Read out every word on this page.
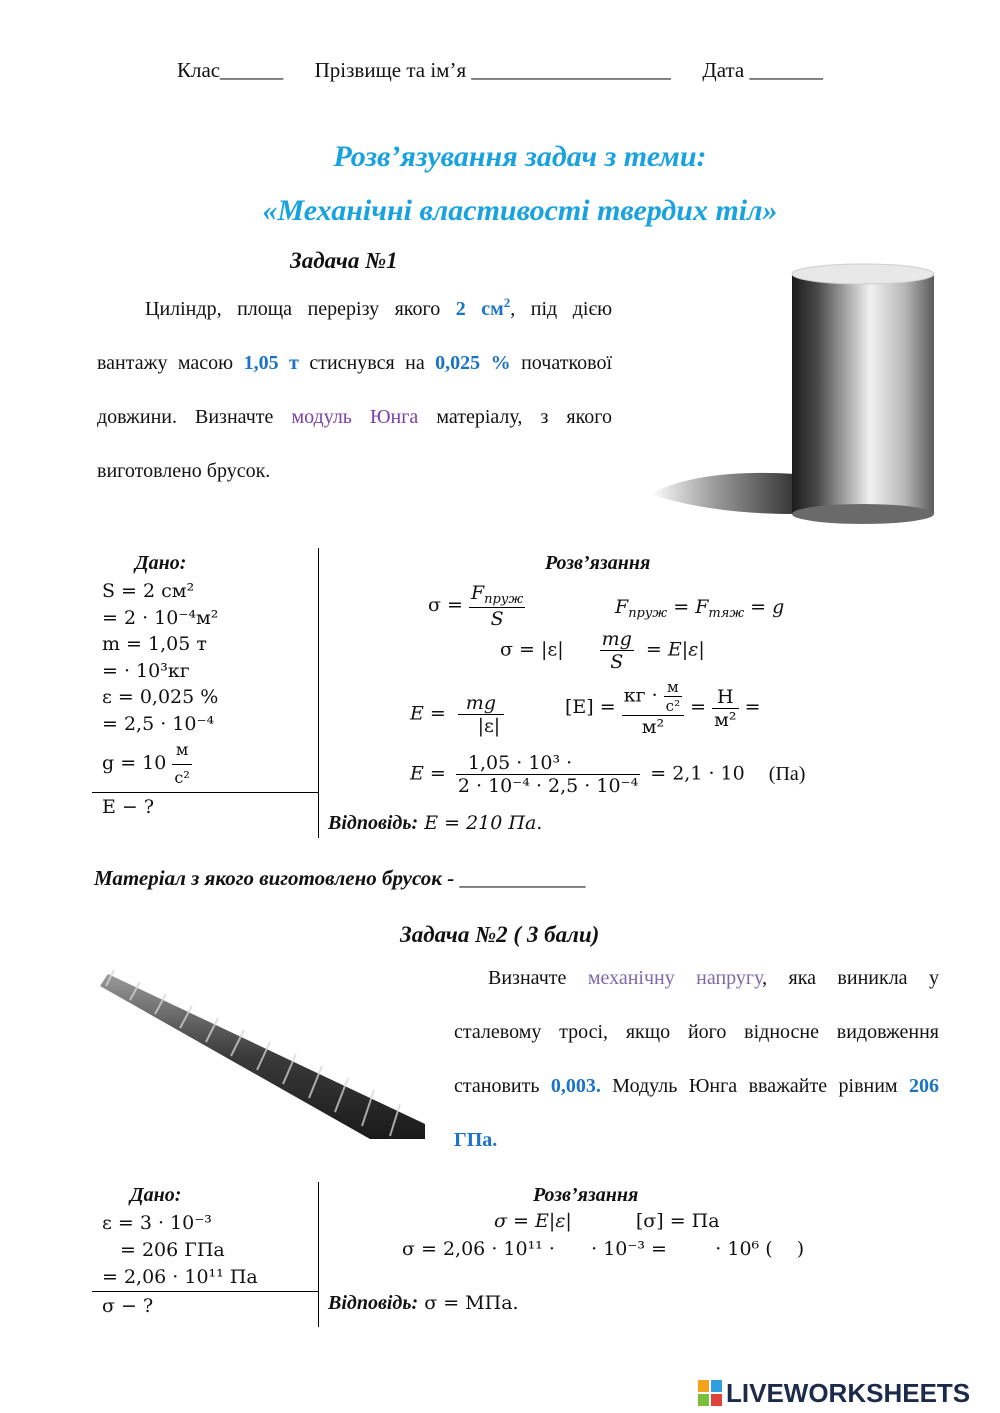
Клас______ Прізвище та ім’я ___________________ Дата _______
Розв’язування задач з теми:
«Механічні властивості твердих тіл»
Задача №1
Циліндр, площа перерізу якого 2 $см^2$, під дією вантажу масою 1,05 т стиснувся на 0,025 % початкової довжини. Визначте модуль Юнга матеріалу, з якого виготовлено брусок.
Дано:
S = 2 см²
= 2 · 10⁻⁴м²
m = 1,05 т
= · 10³кг
ε = 0,025 %
= 2,5 · 10⁻⁴
$g = 10 \frac{м}{\text{с²}}$
E − ?
Розв’язання
$\sigma = \frac{F_{пруж}}{S}$	$F_{пруж} = F_{тяж} = g$
$\sigma = |\varepsilon| \frac{mg}{S} = E|\varepsilon|$
$E = \frac{mg}{|\varepsilon|}$	$[E] = \frac{кг \cdot \frac{м}{\text{с²}}}{\text{м²}} = \frac{Н}{\text{м²}}$ =
$E = \frac{\text{1,05 · 10³ ·}}{\text{2 · 10⁻⁴ · 2,5 · 10⁻⁴}} = 2,1 \cdot 10$ (Па)
Відповідь: E = 210 Па.
Матеріал з якого виготовлено брусок - ____________
Задача №2 ( 3 бали)
Визначте механічну напругу, яка виникла у сталевому тросі, якщо його відносне видовження становить 0,003. Модуль Юнга вважайте рівним 206 ГПа.
Дано:
ε = 3 · 10⁻³
= 206 ГПа
= 2,06 · 10¹¹ Па
σ − ?
Розв’язання
σ = E|ε|	[σ] = Па
σ = 2,06 · 10¹¹ ·      · 10⁻³ =        · 10⁶ (    )
Відповідь: σ = МПа.
LIVEWORKSHEETS
